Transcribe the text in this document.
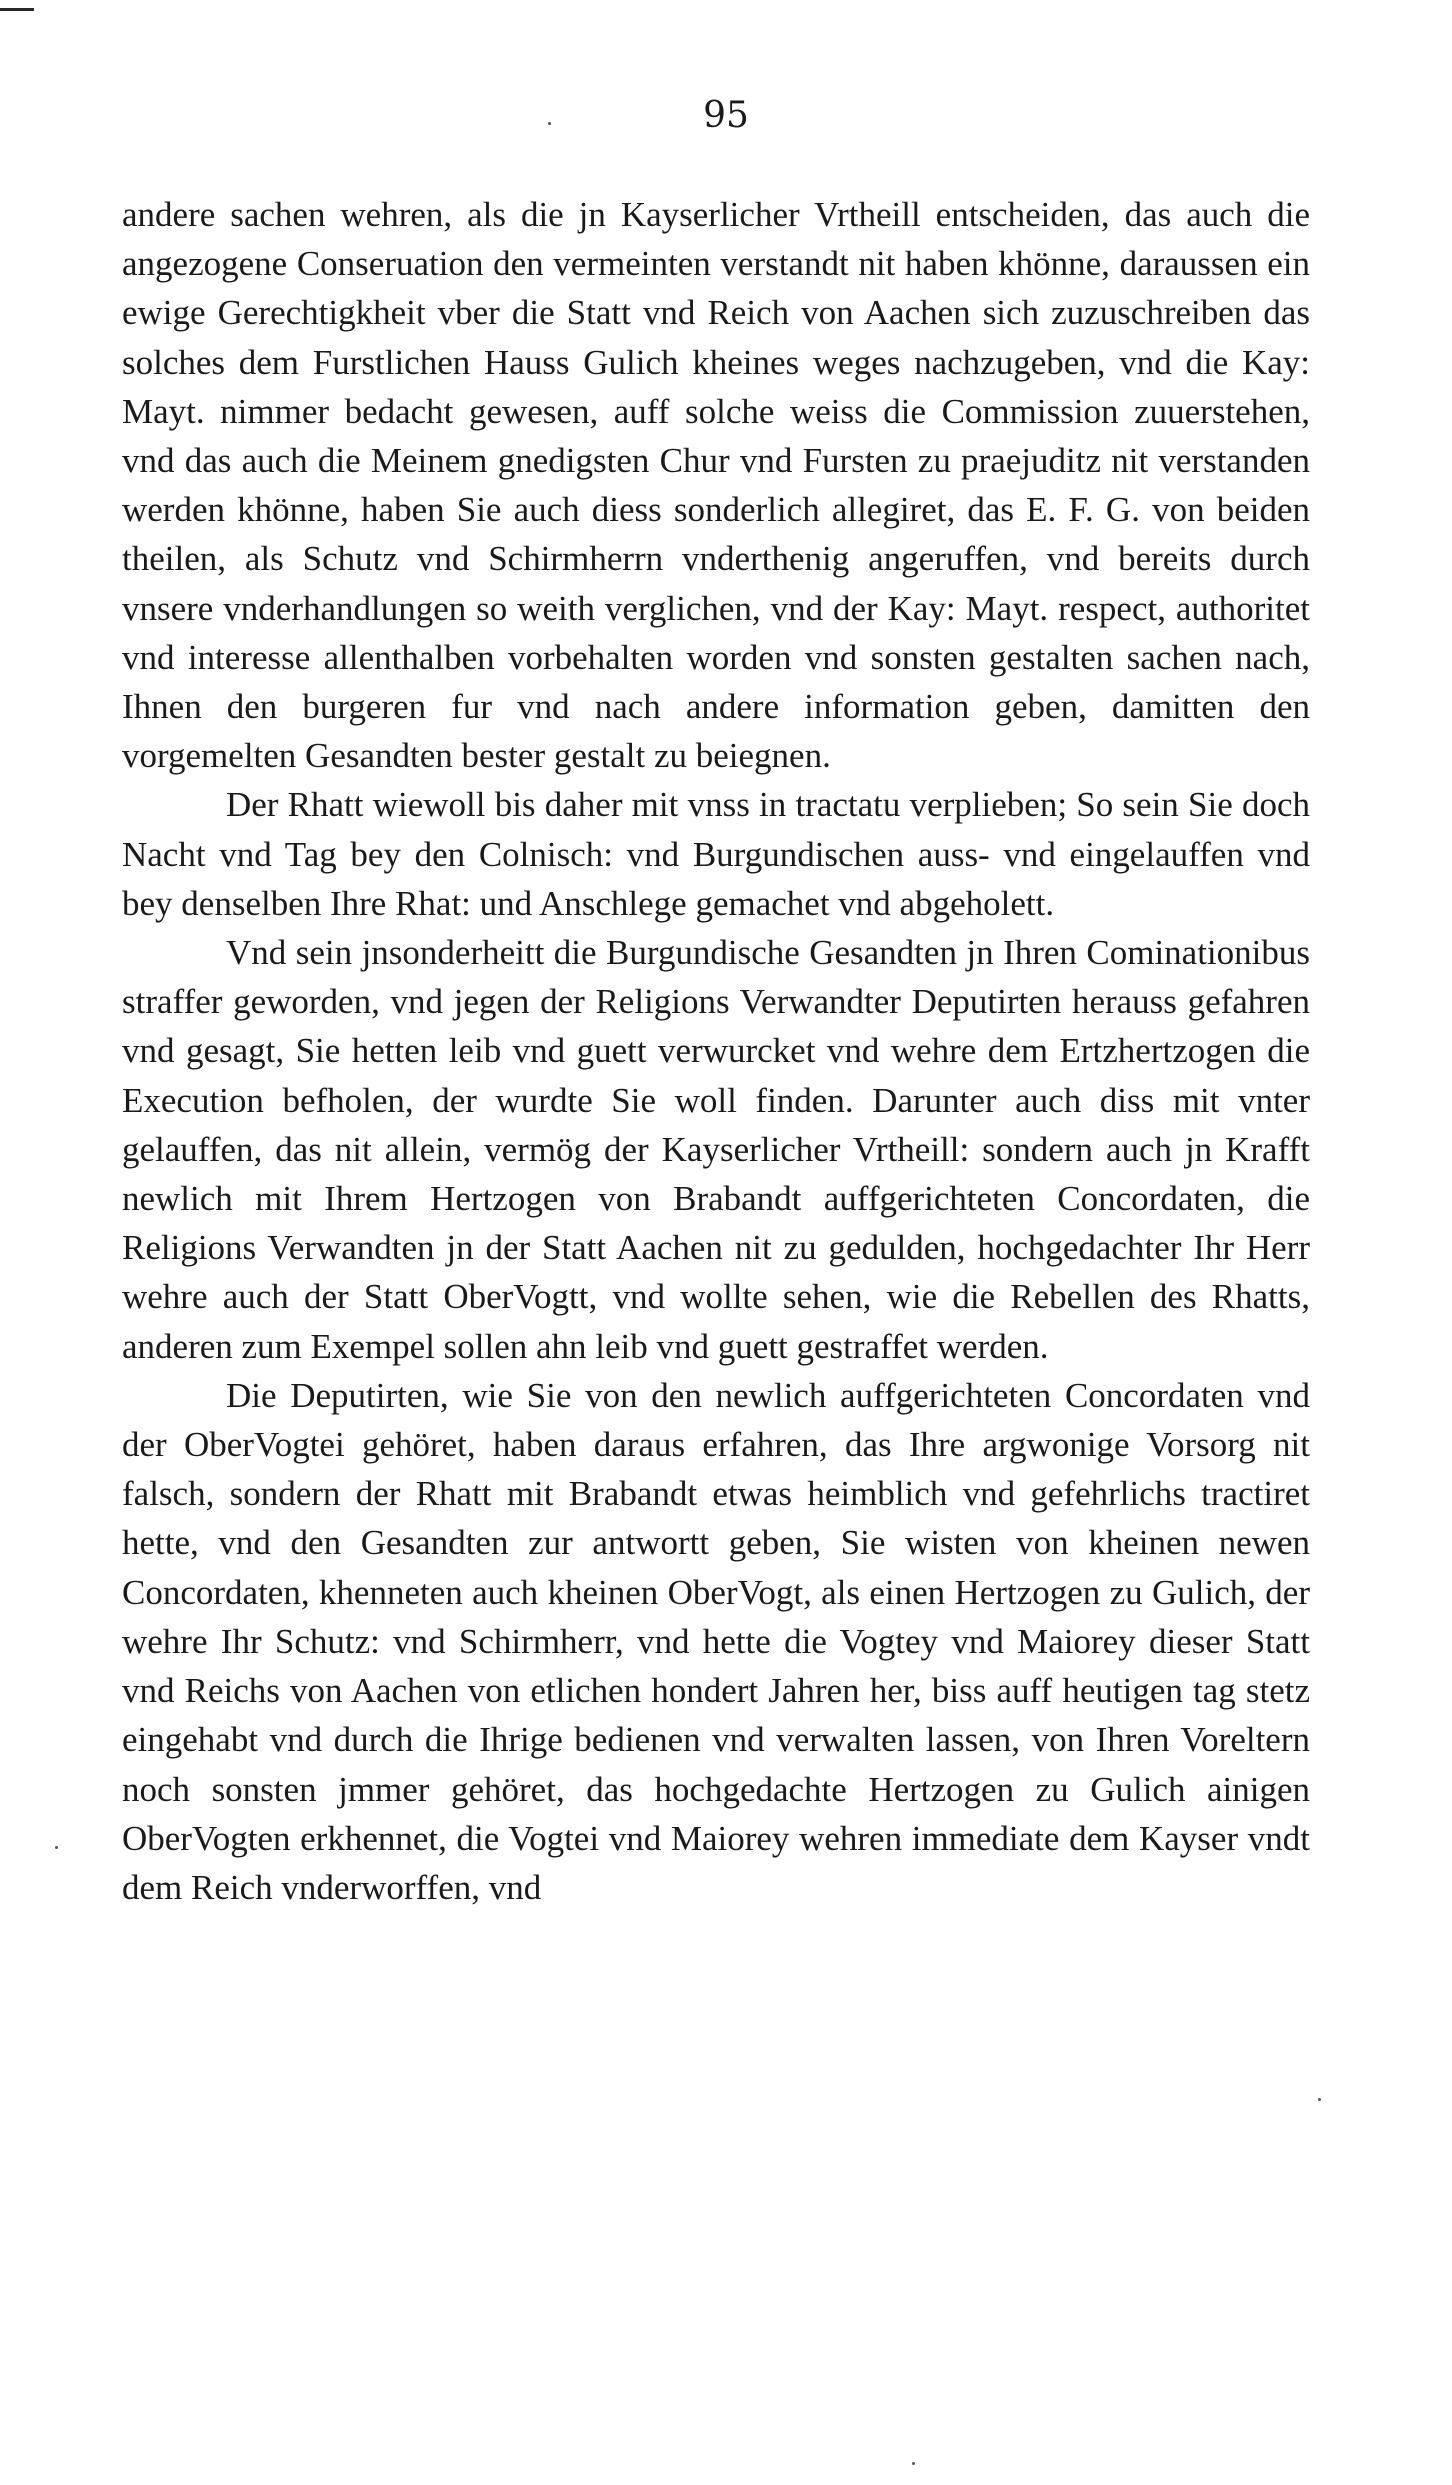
95

andere sachen wehren, als die jn Kayserlicher Vrtheill entscheiden, das auch die angezogene Conseruation den vermeinten verstandt nit haben khönne, daraussen ein ewige Gerechtigkheit vber die Statt vnd Reich von Aachen sich zuzuschreiben das solches dem Furstlichen Hauss Gulich kheines weges nachzugeben, vnd die Kay: Mayt. nimmer bedacht gewesen, auff solche weiss die Commission zuuerstehen, vnd das auch die Meinem gnedigsten Chur vnd Fursten zu praejuditz nit verstanden werden khönne, haben Sie auch diess sonderlich allegiret, das E. F. G. von beiden theilen, als Schutz vnd Schirmherrn vnderthenig angeruffen, vnd bereits durch vnsere vnderhandlungen so weith verglichen, vnd der Kay: Mayt. respect, authoritet vnd interesse allenthalben vorbehalten worden vnd sonsten gestalten sachen nach, Ihnen den burgeren fur vnd nach andere information geben, damitten den vorgemelten Gesandten bester gestalt zu beiegnen.

Der Rhatt wiewoll bis daher mit vnss in tractatu verplieben; So sein Sie doch Nacht vnd Tag bey den Colnisch: vnd Burgundischen auss- vnd eingelauffen vnd bey denselben Ihre Rhat: und Anschlege gemachet vnd abgeholett.

Vnd sein jnsonderheitt die Burgundische Gesandten jn Ihren Cominationibus straffer geworden, vnd jegen der Religions Verwandter Deputirten herauss gefahren vnd gesagt, Sie hetten leib vnd guett verwurcket vnd wehre dem Ertzhertzogen die Execution befholen, der wurdte Sie woll finden. Darunter auch diss mit vnter gelauffen, das nit allein, vermög der Kayserlicher Vrtheill: sondern auch jn Krafft newlich mit Ihrem Hertzogen von Brabandt auffgerichteten Concordaten, die Religions Verwandten jn der Statt Aachen nit zu gedulden, hochgedachter Ihr Herr wehre auch der Statt OberVogtt, vnd wollte sehen, wie die Rebellen des Rhatts, anderen zum Exempel sollen ahn leib vnd guett gestraffet werden.

Die Deputirten, wie Sie von den newlich auffgerichteten Concordaten vnd der OberVogtei gehöret, haben daraus erfahren, das Ihre argwonige Vorsorg nit falsch, sondern der Rhatt mit Brabandt etwas heimblich vnd gefehrlichs tractiret hette, vnd den Gesandten zur antwortt geben, Sie wisten von kheinen newen Concordaten, khenneten auch kheinen OberVogt, als einen Hertzogen zu Gulich, der wehre Ihr Schutz: vnd Schirmherr, vnd hette die Vogtey vnd Maiorey dieser Statt vnd Reichs von Aachen von etlichen hondert Jahren her, biss auff heutigen tag stetz eingehabt vnd durch die Ihrige bedienen vnd verwalten lassen, von Ihren Voreltern noch sonsten jmmer gehöret, das hochgedachte Hertzogen zu Gulich ainigen OberVogten erkhennet, die Vogtei vnd Maiorey wehren immediate dem Kayser vndt dem Reich vnderworffen, vnd
